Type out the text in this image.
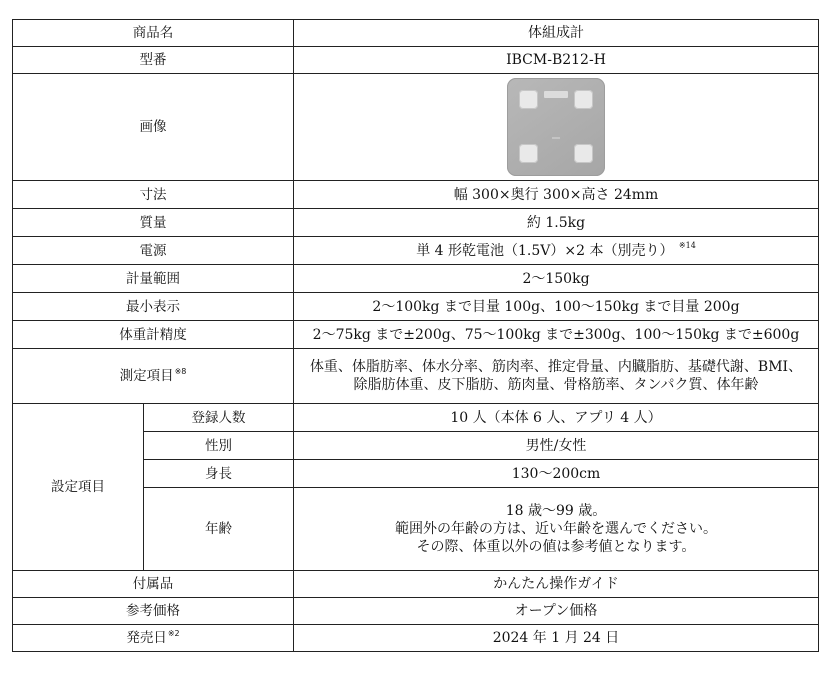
商品名		体組成計
型番		IBCM-B212-H
画像		

寸法		幅 300×奥行 300×高さ 24mm
質量		約 1.5kg
電源		単 4 形乾電池（1.5V）×2 本（別売り） $^{※14}$
計量範囲		2～150kg
最小表示		2～100kg まで目量 100g、100～150kg まで目量 200g
体重計精度		2～75kg まで±200g、75～100kg まで±300g、100～150kg まで±600g
測定項目$^{※8}$		体重、体脂肪率、体水分率、筋肉率、推定骨量、内臓脂肪、基礎代謝、BMI、
除脂肪体重、皮下脂肪、筋肉量、骨格筋率、タンパク質、体年齢

設定項目	登録人数	10 人（本体 6 人、アプリ 4 人）
	性別	男性/女性
	身長	130～200cm
	年齢	18 歳～99 歳。
範囲外の年齢の方は、近い年齢を選んでください。
その際、体重以外の値は参考値となります。

付属品		かんたん操作ガイド
参考価格		オープン価格
発売日$^{※2}$		2024 年 1 月 24 日
